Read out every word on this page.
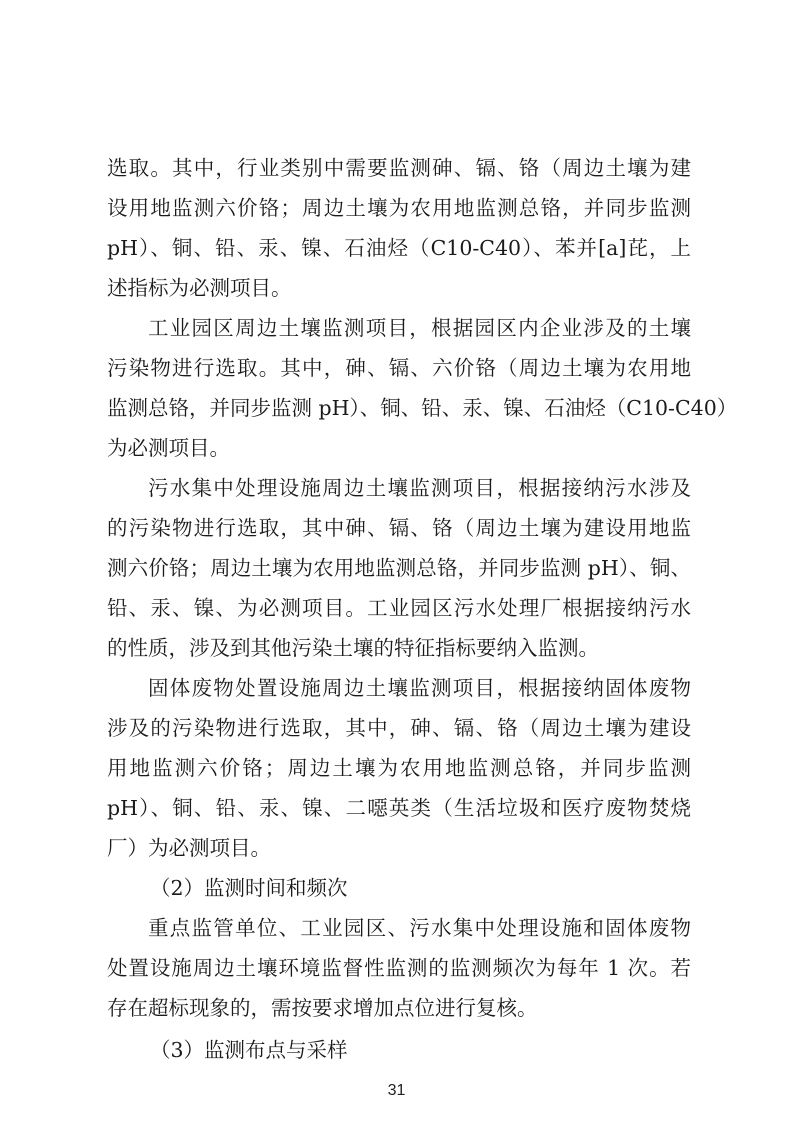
选取。其中，行业类别中需要监测砷、镉、铬（周边土壤为建
设用地监测六价铬；周边土壤为农用地监测总铬，并同步监测
pH）、铜、铅、汞、镍、石油烃（C10-C40）、苯并[a]芘，上
述指标为必测项目。
工业园区周边土壤监测项目，根据园区内企业涉及的土壤
污染物进行选取。其中，砷、镉、六价铬（周边土壤为农用地
监测总铬，并同步监测 pH）、铜、铅、汞、镍、石油烃（C10-C40）
为必测项目。
污水集中处理设施周边土壤监测项目，根据接纳污水涉及
的污染物进行选取，其中砷、镉、铬（周边土壤为建设用地监
测六价铬；周边土壤为农用地监测总铬，并同步监测 pH）、铜、
铅、汞、镍、为必测项目。工业园区污水处理厂根据接纳污水
的性质，涉及到其他污染土壤的特征指标要纳入监测。
固体废物处置设施周边土壤监测项目，根据接纳固体废物
涉及的污染物进行选取，其中，砷、镉、铬（周边土壤为建设
用地监测六价铬；周边土壤为农用地监测总铬，并同步监测
pH）、铜、铅、汞、镍、二噁英类（生活垃圾和医疗废物焚烧
厂）为必测项目。
（2）监测时间和频次
重点监管单位、工业园区、污水集中处理设施和固体废物
处置设施周边土壤环境监督性监测的监测频次为每年 1 次。若
存在超标现象的，需按要求增加点位进行复核。
（3）监测布点与采样
31
